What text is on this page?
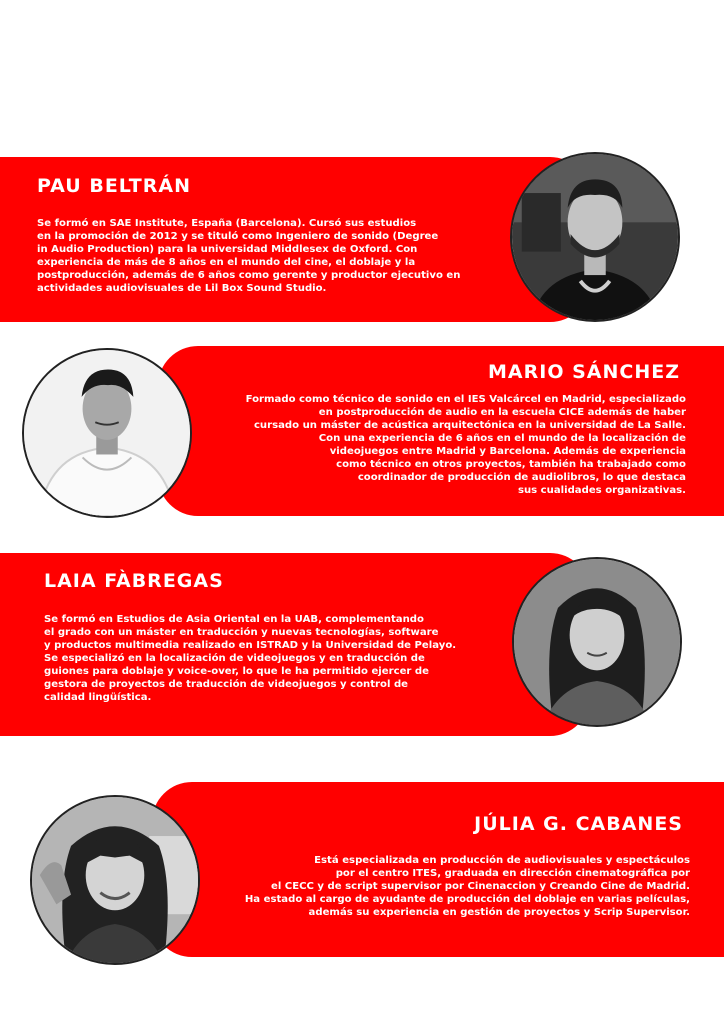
PAU BELTRÁN

Se formó en SAE Institute, España (Barcelona). Cursó sus estudios
en la promoción de 2012 y se tituló como Ingeniero de sonido (Degree
in Audio Production) para la universidad Middlesex de Oxford. Con
experiencia de más de 8 años en el mundo del cine, el doblaje y la
postproducción, además de 6 años como gerente y productor ejecutivo en
actividades audiovisuales de Lil Box Sound Studio.

MARIO SÁNCHEZ

Formado como técnico de sonido en el IES Valcárcel en Madrid, especializado
en postproducción de audio en la escuela CICE además de haber
cursado un máster de acústica arquitectónica en la universidad de La Salle.
Con una experiencia de 6 años en el mundo de la localización de
videojuegos entre Madrid y Barcelona. Además de experiencia
como técnico en otros proyectos, también ha trabajado como
coordinador de producción de audiolibros, lo que destaca
sus cualidades organizativas.

LAIA FÀBREGAS

Se formó en Estudios de Asia Oriental en la UAB, complementando
el grado con un máster en traducción y nuevas tecnologías, software
y productos multimedia realizado en ISTRAD y la Universidad de Pelayo.
Se especializó en la localización de videojuegos y en traducción de
guiones para doblaje y voice-over, lo que le ha permitido ejercer de
gestora de proyectos de traducción de videojuegos y control de
calidad lingüística.

JÚLIA G. CABANES

Está especializada en producción de audiovisuales y espectáculos
por el centro ITES, graduada en dirección cinematográfica por
el CECC y de script supervisor por Cinenaccion y Creando Cine de Madrid.
Ha estado al cargo de ayudante de producción del doblaje en varias películas,
además su experiencia en gestión de proyectos y Scrip Supervisor.
